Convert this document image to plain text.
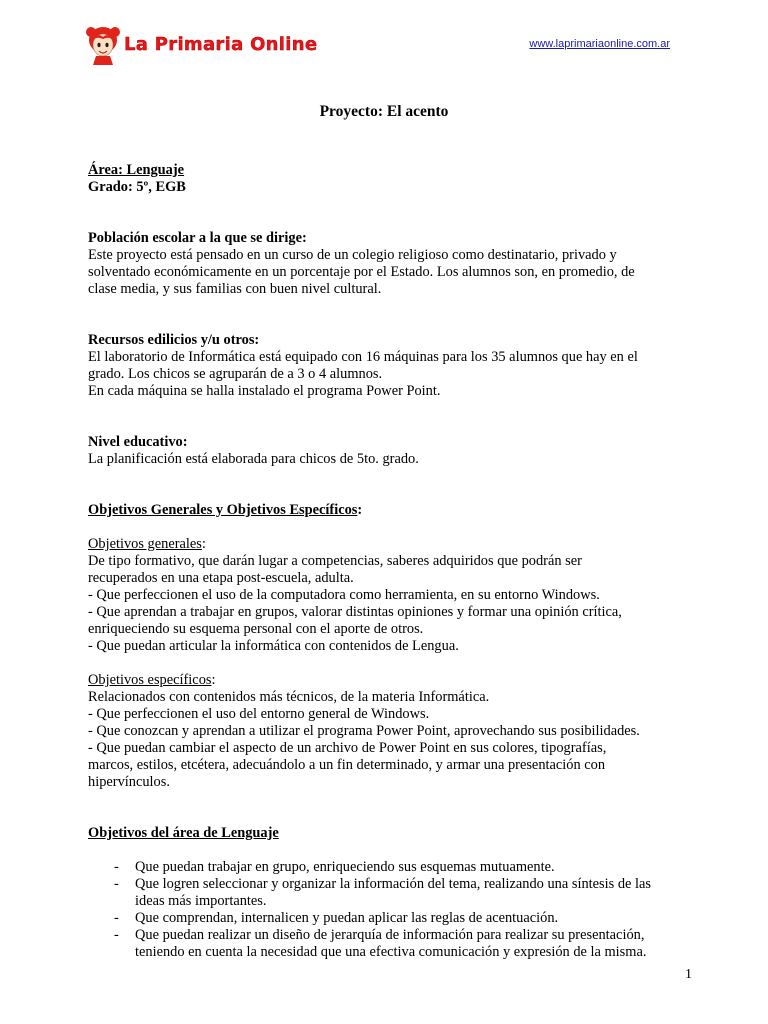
La Primaria Online	www.laprimariaonline.com.ar
Proyecto: El acento
Área: Lenguaje
Grado: 5º, EGB
Población escolar a la que se dirige:
Este proyecto está pensado en un curso de un colegio religioso como destinatario, privado y
solventado económicamente en un porcentaje por el Estado. Los alumnos son, en promedio, de
clase media, y sus familias con buen nivel cultural.
Recursos edilicios y/u otros:
El laboratorio de Informática está equipado con 16 máquinas para los 35 alumnos que hay en el
grado. Los chicos se agruparán de a 3 o 4 alumnos.
En cada máquina se halla instalado el programa Power Point.
Nivel educativo:
La planificación está elaborada para chicos de 5to. grado.
Objetivos Generales y Objetivos Específicos:
Objetivos generales:
De tipo formativo, que darán lugar a competencias, saberes adquiridos que podrán ser
recuperados en una etapa post-escuela, adulta.
- Que perfeccionen el uso de la computadora como herramienta, en su entorno Windows.
- Que aprendan a trabajar en grupos, valorar distintas opiniones y formar una opinión crítica,
enriqueciendo su esquema personal con el aporte de otros.
- Que puedan articular la informática con contenidos de Lengua.
Objetivos específicos:
Relacionados con contenidos más técnicos, de la materia Informática.
- Que perfeccionen el uso del entorno general de Windows.
- Que conozcan y aprendan a utilizar el programa Power Point, aprovechando sus posibilidades.
- Que puedan cambiar el aspecto de un archivo de Power Point en sus colores, tipografías,
marcos, estilos, etcétera, adecuándolo a un fin determinado, y armar una presentación con
hipervínculos.
Objetivos del área de Lenguaje
- Que puedan trabajar en grupo, enriqueciendo sus esquemas mutuamente.
- Que logren seleccionar y organizar la información del tema, realizando una síntesis de las
ideas más importantes.
- Que comprendan, internalicen y puedan aplicar las reglas de acentuación.
- Que puedan realizar un diseño de jerarquía de información para realizar su presentación,
teniendo en cuenta la necesidad que una efectiva comunicación y expresión de la misma.
1
